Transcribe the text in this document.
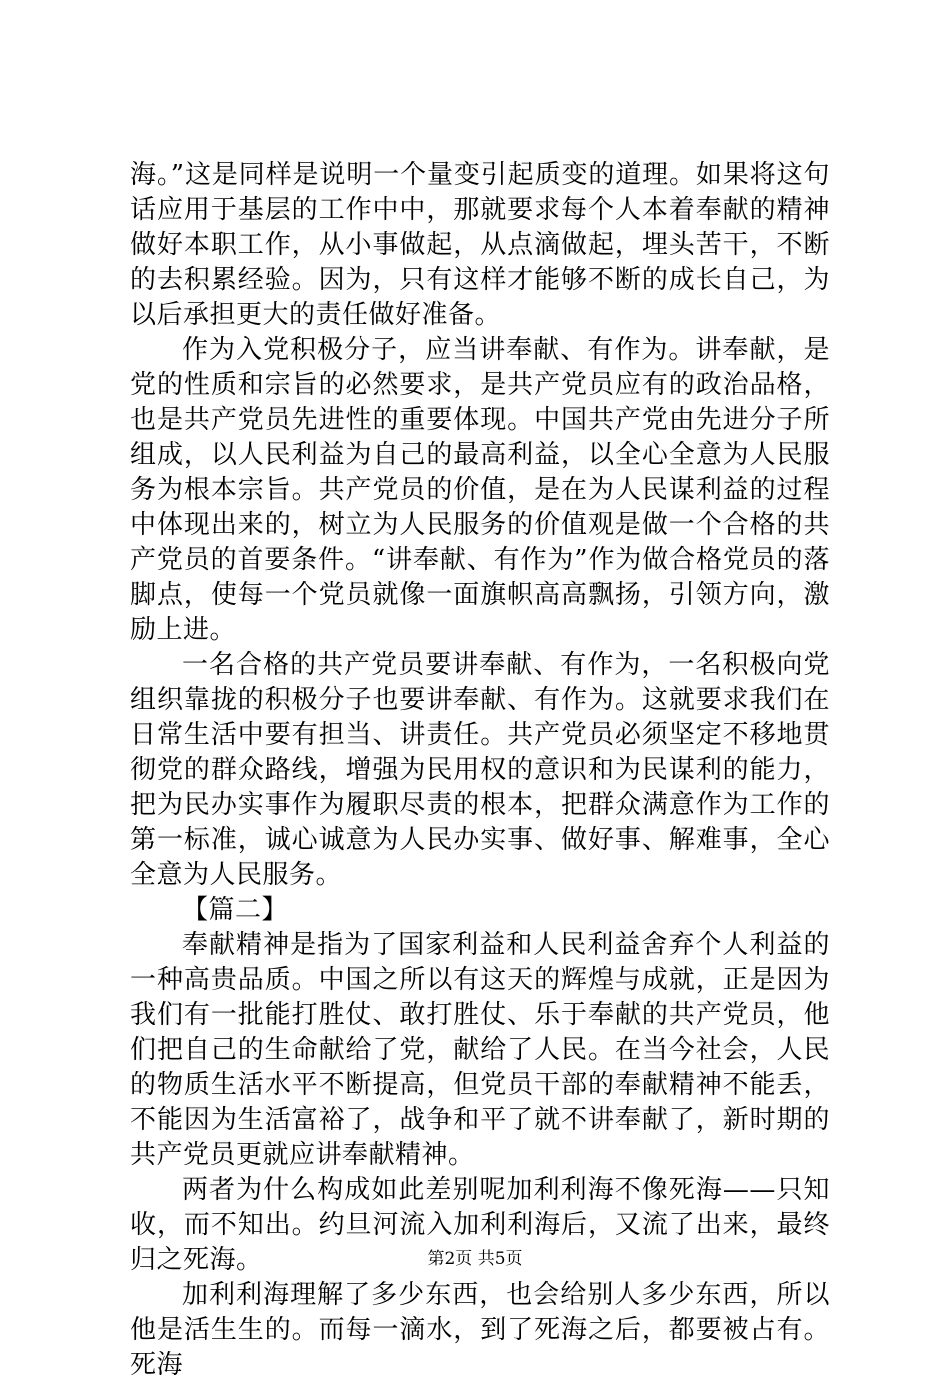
海。”这是同样是说明一个量变引起质变的道理。如果将这句话应用于基层的工作中中，那就要求每个人本着奉献的精神做好本职工作，从小事做起，从点滴做起，埋头苦干，不断的去积累经验。因为，只有这样才能够不断的成长自己，为以后承担更大的责任做好准备。

作为入党积极分子，应当讲奉献、有作为。讲奉献，是党的性质和宗旨的必然要求，是共产党员应有的政治品格，也是共产党员先进性的重要体现。中国共产党由先进分子所组成，以人民利益为自己的最高利益，以全心全意为人民服务为根本宗旨。共产党员的价值，是在为人民谋利益的过程中体现出来的，树立为人民服务的价值观是做一个合格的共产党员的首要条件。“讲奉献、有作为”作为做合格党员的落脚点，使每一个党员就像一面旗帜高高飘扬，引领方向，激励上进。

一名合格的共产党员要讲奉献、有作为，一名积极向党组织靠拢的积极分子也要讲奉献、有作为。这就要求我们在日常生活中要有担当、讲责任。共产党员必须坚定不移地贯彻党的群众路线，增强为民用权的意识和为民谋利的能力，把为民办实事作为履职尽责的根本，把群众满意作为工作的第一标准，诚心诚意为人民办实事、做好事、解难事，全心全意为人民服务。

【篇二】

奉献精神是指为了国家利益和人民利益舍弃个人利益的一种高贵品质。中国之所以有这天的辉煌与成就，正是因为我们有一批能打胜仗、敢打胜仗、乐于奉献的共产党员，他们把自己的生命献给了党，献给了人民。在当今社会，人民的物质生活水平不断提高，但党员干部的奉献精神不能丢，不能因为生活富裕了，战争和平了就不讲奉献了，新时期的共产党员更就应讲奉献精神。

两者为什么构成如此差别呢加利利海不像死海——只知收，而不知出。约旦河流入加利利海后，又流了出来，最终归之死海。

加利利海理解了多少东西，也会给别人多少东西，所以他是活生生的。而每一滴水，到了死海之后，都要被占有。死海

第2页 共5页
